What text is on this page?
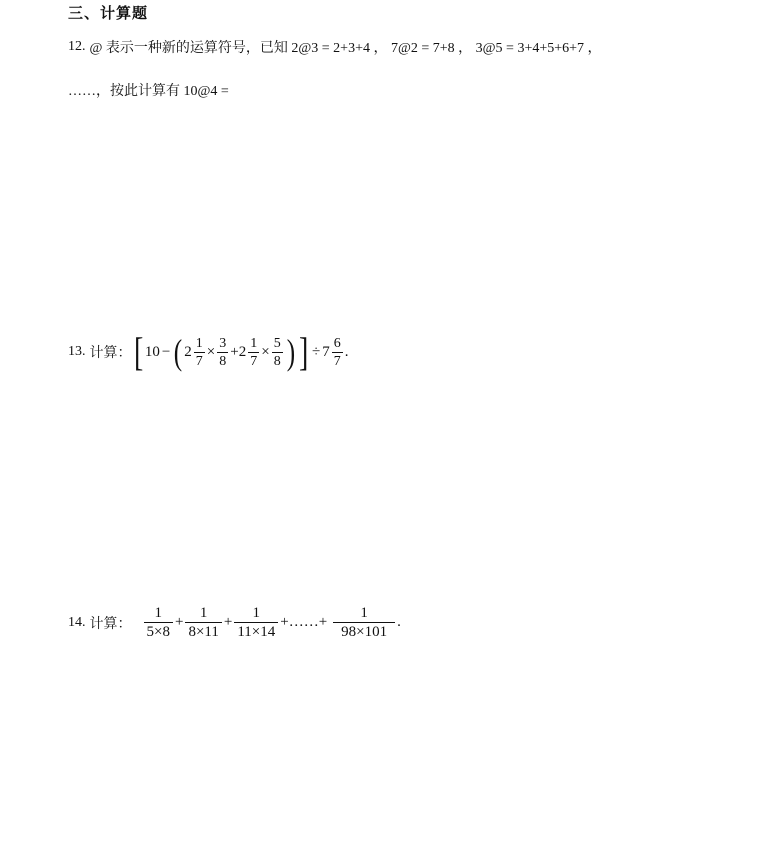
三、计算题
12. @ 表示一种新的运算符号，已知 2@3 = 2+3+4 ， 7@2 = 7+8 ， 3@5 = 3+4+5+6+7 ，
……，按此计算有 10@4 =
13. 计算： [ 10 − ( $2 \frac{1}{7} \times \frac{3}{8} + 2 \frac{1}{7} \times \frac{5}{8}$ ) ] ÷ $7 \frac{6}{7}$ .
14. 计算： $\frac{1}{5\times 8} + \frac{1}{8\times 11} + \frac{1}{11\times 14}$ + …… + $\frac{1}{98\times 101}$ .
